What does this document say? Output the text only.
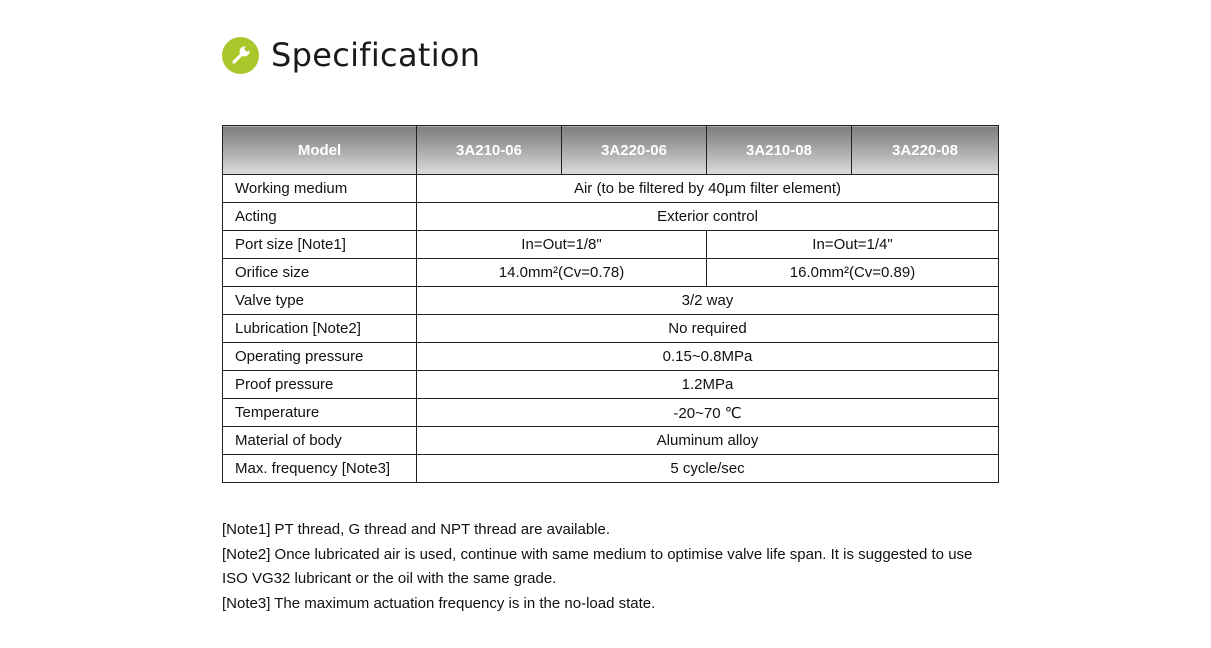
Specification
Model	3A210-06	3A220-06	3A210-08	3A220-08
Working medium	Air (to be filtered by 40μm filter element)			
Acting	Exterior control			
Port size [Note1]	In=Out=1/8"		In=Out=1/4"	
Orifice size	14.0mm²(Cv=0.78)		16.0mm²(Cv=0.89)	
Valve type	3/2 way			
Lubrication [Note2]	No required			
Operating pressure	0.15~0.8MPa			
Proof pressure	1.2MPa			
Temperature	-20~70 ℃			
Material of body	Aluminum alloy			
Max. frequency [Note3]	5 cycle/sec			

[Note1] PT thread, G thread and NPT thread are available.

[Note2] Once lubricated air is used, continue with same medium to optimise valve life span. It is suggested to use ISO VG32 lubricant or the oil with the same grade.

[Note3] The maximum actuation frequency is in the no-load state.
